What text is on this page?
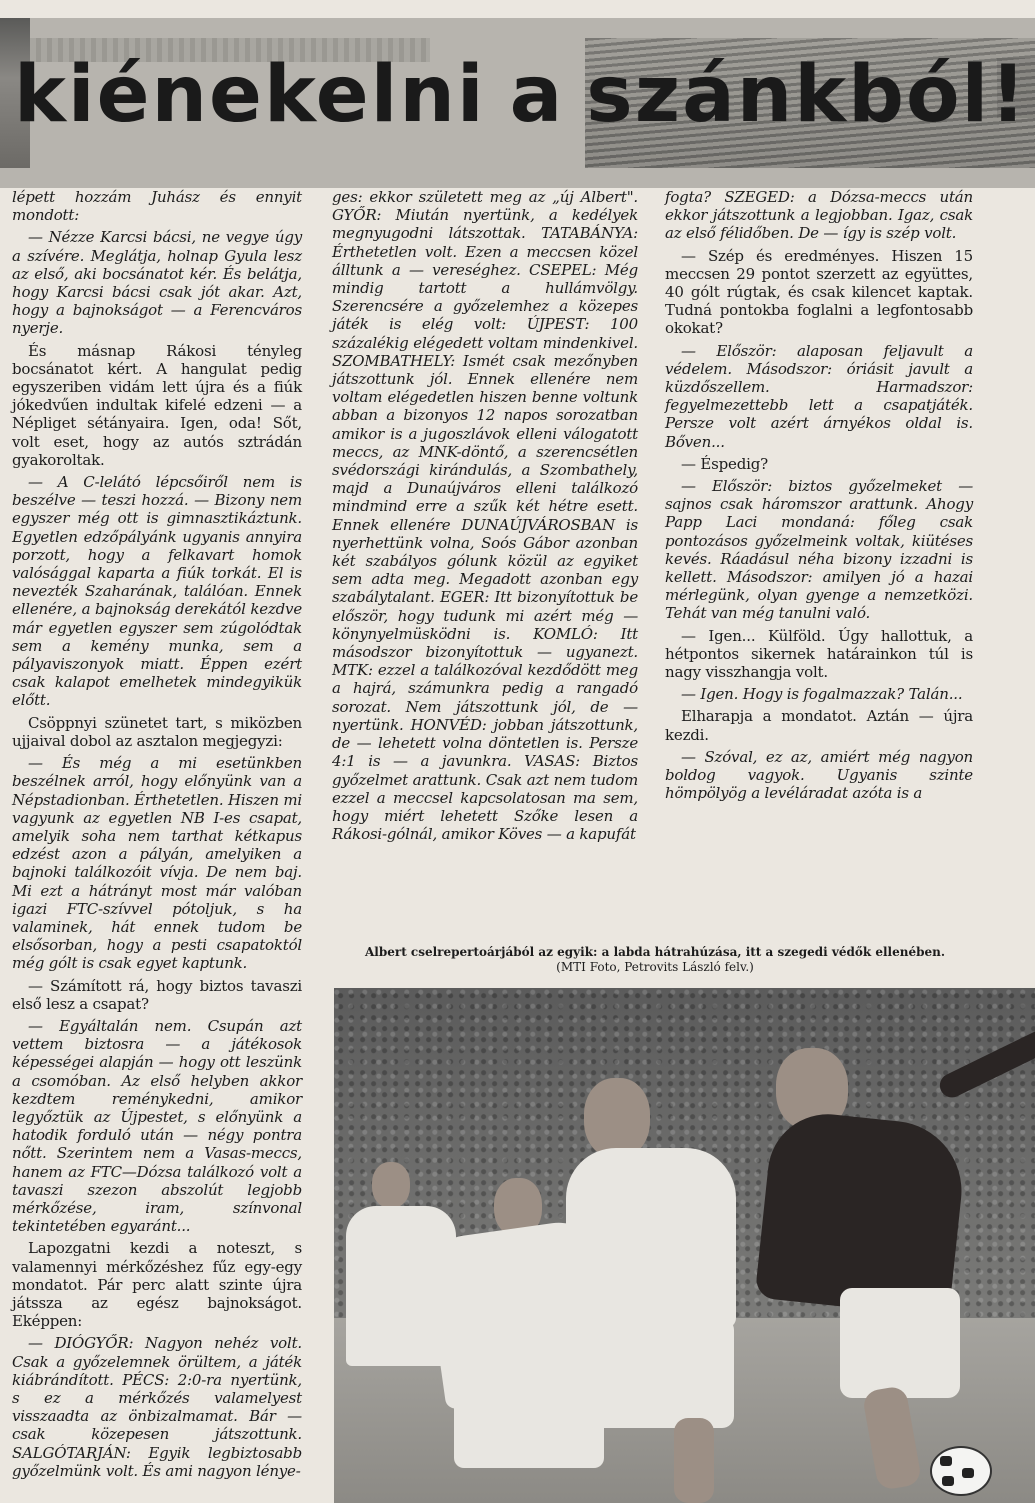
kiénekelni a szánkból!

lépett hozzám Juhász és ennyit mondott:

— Nézze Karcsi bácsi, ne vegye úgy a szívére. Meglátja, holnap Gyula lesz az első, aki bocsánatot kér. És belátja, hogy Karcsi bácsi csak jót akar. Azt, hogy a bajnokságot — a Ferencváros nyerje.

És másnap Rákosi tényleg bocsánatot kért. A hangulat pedig egyszeriben vidám lett újra és a fiúk jókedvűen indultak kifelé edzeni — a Népliget sétányaira. Igen, oda! Sőt, volt eset, hogy az autós sztrádán gyakoroltak.

— A C-lelátó lépcsőiről nem is beszélve — teszi hozzá. — Bizony nem egyszer még ott is gimnasztikáztunk. Egyetlen edzőpályánk ugyanis annyira porzott, hogy a felkavart homok valósággal kaparta a fiúk torkát. El is nevezték Szaharának, találóan. Ennek ellenére, a bajnokság derekától kezdve már egyetlen egyszer sem zúgolódtak sem a kemény munka, sem a pályaviszonyok miatt. Éppen ezért csak kalapot emelhetek mindegyikük előtt.

Csöppnyi szünetet tart, s miközben ujjaival dobol az asztalon megjegyzi:

— És még a mi esetünkben beszélnek arról, hogy előnyünk van a Népstadionban. Érthetetlen. Hiszen mi vagyunk az egyetlen NB I-es csapat, amelyik soha nem tarthat kétkapus edzést azon a pályán, amelyiken a bajnoki találkozóit vívja. De nem baj. Mi ezt a hátrányt most már valóban igazi FTC-szívvel pótoljuk, s ha valaminek, hát ennek tudom be elsősorban, hogy a pesti csapatoktól még gólt is csak egyet kaptunk.

— Számított rá, hogy biztos tavaszi első lesz a csapat?

— Egyáltalán nem. Csupán azt vettem biztosra — a játékosok képességei alapján — hogy ott leszünk a csomóban. Az első helyben akkor kezdtem reménykedni, amikor legyőztük az Újpestet, s előnyünk a hatodik forduló után — négy pontra nőtt. Szerintem nem a Vasas-meccs, hanem az FTC—Dózsa találkozó volt a tavaszi szezon abszolút legjobb mérkőzése, iram, színvonal tekintetében egyaránt...

Lapozgatni kezdi a noteszt, s valamennyi mérkőzéshez fűz egy-egy mondatot. Pár perc alatt szinte újra játssza az egész bajnokságot. Eképpen:

— DIÓGYŐR: Nagyon nehéz volt. Csak a győzelemnek örültem, a játék kiábrándított. PÉCS: 2:0-ra nyertünk, s ez a mérkőzés valamelyest visszaadta az önbizalmamat. Bár — csak közepesen játszottunk. SALGÓTARJÁN: Egyik legbiztosabb győzelmünk volt. És ami nagyon lénye-

ges: ekkor született meg az „új Albert". GYŐR: Miután nyertünk, a kedélyek megnyugodni látszottak. TATABÁNYA: Érthetetlen volt. Ezen a meccsen közel álltunk a — vereséghez. CSEPEL: Még mindig tartott a hullámvölgy. Szerencsére a győzelemhez a közepes játék is elég volt: ÚJPEST: 100 százalékig elégedett voltam mindenkivel. SZOMBATHELY: Ismét csak mezőnyben játszottunk jól. Ennek ellenére nem voltam elégedetlen hiszen benne voltunk abban a bizonyos 12 napos sorozatban amikor is a jugoszlávok elleni válogatott meccs, az MNK-döntő, a szerencsétlen svédországi kirándulás, a Szombathely, majd a Dunaújváros elleni találkozó mindmind erre a szűk két hétre esett. Ennek ellenére DUNAÚJVÁROSBAN is nyerhettünk volna, Soós Gábor azonban két szabályos gólunk közül az egyiket sem adta meg. Megadott azonban egy szabálytalant. EGER: Itt bizonyítottuk be először, hogy tudunk mi azért még — könynyelmüsködni is. KOMLÓ: Itt másodszor bizonyítottuk — ugyanezt. MTK: ezzel a találkozóval kezdődött meg a hajrá, számunkra pedig a rangadó sorozat. Nem játszottunk jól, de — nyertünk. HONVÉD: jobban játszottunk, de — lehetett volna döntetlen is. Persze 4:1 is — a javunkra. VASAS: Biztos győzelmet arattunk. Csak azt nem tudom ezzel a meccsel kapcsolatosan ma sem, hogy miért lehetett Szőke lesen a Rákosi-gólnál, amikor Köves — a kapufát

fogta? SZEGED: a Dózsa-meccs után ekkor játszottunk a legjobban. Igaz, csak az első félidőben. De — így is szép volt.

— Szép és eredményes. Hiszen 15 meccsen 29 pontot szerzett az együttes, 40 gólt rúgtak, és csak kilencet kaptak. Tudná pontokba foglalni a legfontosabb okokat?

— Először: alaposan feljavult a védelem. Másodszor: óriásit javult a küzdőszellem. Harmadszor: fegyelmezettebb lett a csapatjáték. Persze volt azért árnyékos oldal is. Bőven...

— Éspedig?

— Először: biztos győzelmeket — sajnos csak háromszor arattunk. Ahogy Papp Laci mondaná: főleg csak pontozásos győzelmeink voltak, kiütéses kevés. Ráadásul néha bizony izzadni is kellett. Másodszor: amilyen jó a hazai mérlegünk, olyan gyenge a nemzetközi. Tehát van még tanulni való.

— Igen... Külföld. Úgy hallottuk, a hétpontos sikernek határainkon túl is nagy visszhangja volt.

— Igen. Hogy is fogalmazzak? Talán...

Elharapja a mondatot. Aztán — újra kezdi.

— Szóval, ez az, amiért még nagyon boldog vagyok. Ugyanis szinte hömpölyög a levéláradat azóta is a

Albert cselrepertoárjából az egyik: a labda hátrahúzása, itt a szegedi védők ellenében.
(MTI Foto, Petrovits László felv.)
